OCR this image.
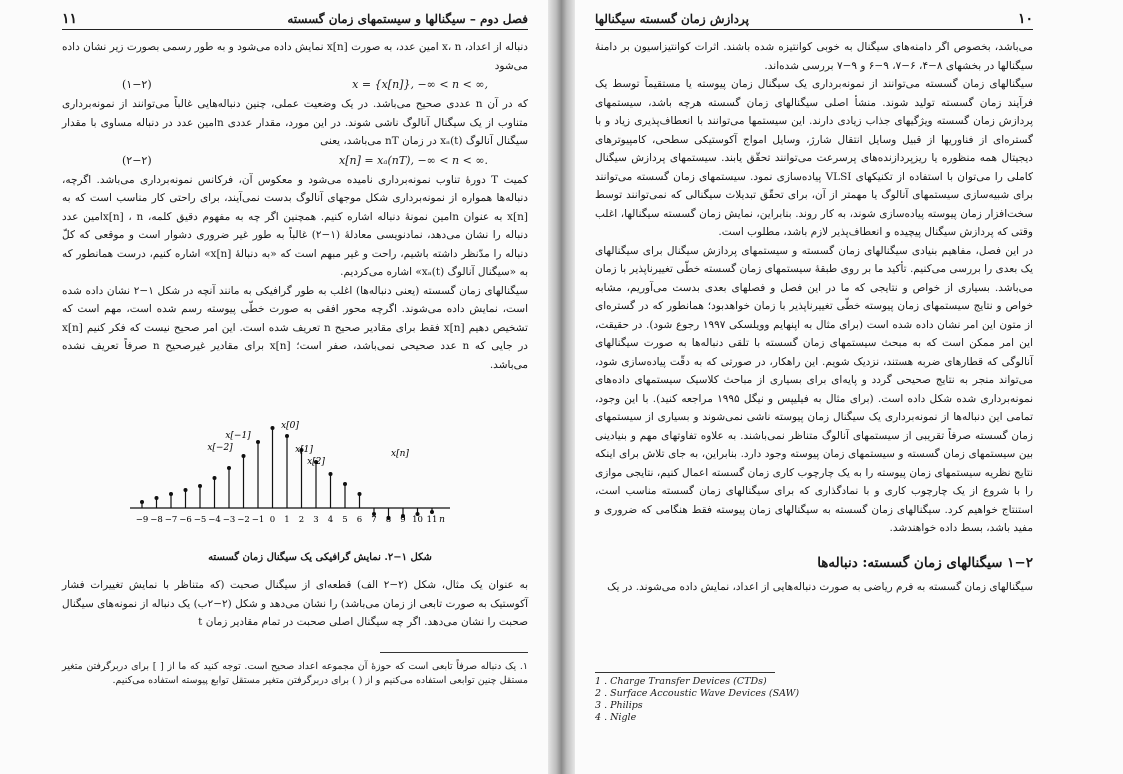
۱۱	فصل دوم – سیگنالها و سیستمهای زمان گسسته

دنباله از اعداد، x، n امین عدد، به صورت x[n] نمایش داده می‌شود و به طور رسمی بصورت زیر نشان داده می‌شود

(۱−۲)	x = {x[n]}, −∞ < n < ∞,

که در آن n عددی صحیح می‌باشد. در یک وضعیت عملی، چنین دنباله‌هایی غالباً می‌توانند از نمونه‌برداری متناوب از یک سیگنال آنالوگ ناشی شوند. در این مورد، مقدار عددی nامین عدد در دنباله مساوی با مقدار سیگنال آنالوگ xₐ(t) در زمان nT می‌باشد، یعنی

(۲−۲)	x[n] = xₐ(nT), −∞ < n < ∞.

کمیت T دورهٔ تناوب نمونه‌برداری نامیده می‌شود و معکوس آن، فرکانس نمونه‌برداری می‌باشد. اگرچه، دنباله‌ها همواره از نمونه‌برداری شکل موجهای آنالوگ بدست نمی‌آیند، برای راحتی کار مناسب است که به x[n] به عنوان nامین نمونهٔ دنباله اشاره کنیم. همچنین اگر چه به مفهوم دقیق کلمه، x[n] ، nامین عدد دنباله را نشان می‌دهد، نمادنویسی معادلهٔ (۱−۲) غالباً به طور غیر ضروری دشوار است و موقعی که کلّ دنباله را مدّنظر داشته باشیم، راحت و غیر مبهم است که «به دنبالهٔ x[n]» اشاره کنیم، درست همانطور که به «سیگنال آنالوگ xₐ(t)» اشاره می‌کردیم.

سیگنالهای زمان گسسته (یعنی دنباله‌ها) اغلب به طور گرافیکی به مانند آنچه در شکل ۱−۲ نشان داده شده است، نمایش داده می‌شوند. اگرچه محور افقی به صورت خطّی پیوسته رسم شده است، مهم است که تشخیص دهیم x[n] فقط برای مقادیر صحیح n تعریف شده است. این امر صحیح نیست که فکر کنیم x[n] در جایی که n عدد صحیحی نمی‌باشد، صفر است؛ x[n] برای مقادیر غیرصحیح n صرفاً تعریف نشده می‌باشد.

−9 −8 −7 −6 −5 −4 −3 −2 −1 0 1 2 3 4 5 6 7 8 9 10 11
x[−1]
x[0]
x[−2]	x[1]
x[2]
x[n]
n
شکل ۱−۲. نمایش گرافیکی یک سیگنال زمان گسسته

به عنوان یک مثال، شکل (۲−۲ الف) قطعه‌ای از سیگنال صحبت (که متناظر با نمایش تغییرات فشار آکوستیک به صورت تابعی از زمان می‌باشد) را نشان می‌دهد و شکل (۲−۲ب) یک دنباله از نمونه‌های سیگنال صحبت را نشان می‌دهد. اگر چه سیگنال اصلی صحبت در تمام مقادیر زمان t

۱. یک دنباله صرفاً تابعی است که حوزهٔ آن مجموعه اعداد صحیح است. توجه کنید که ما از [ ] برای دربرگرفتن متغیر مستقل چنین توابعی استفاده می‌کنیم و از ( ) برای دربرگرفتن متغیر مستقل توابع پیوسته استفاده می‌کنیم.
پردازش زمان گسسته سیگنالها	۱۰

می‌باشد، بخصوص اگر دامنه‌های سیگنال به خوبی کوانتیزه شده باشند. اثرات کوانتیزاسیون بر دامنهٔ سیگنالها در بخشهای ۸−۴، ۶−۷، ۹−۶ و ۹−۷ بررسی شده‌اند.

سیگنالهای زمان گسسته می‌توانند از نمونه‌برداری یک سیگنال زمان پیوسته یا مستقیماً توسط یک فرآیند زمان گسسته تولید شوند. منشأ اصلی سیگنالهای زمان گسسته هرچه باشد، سیستمهای پردازش زمان گسسته ویژگیهای جذاب زیادی دارند. این سیستمها می‌توانند با انعطاف‌پذیری زیاد و با گستره‌ای از فناوریها از قبیل وسایل انتقال شارژ، وسایل امواج آکوستیکی سطحی، کامپیوترهای دیجیتال همه منظوره یا ریزپردازنده‌های پرسرعت می‌توانند تحقّق یابند. سیستمهای پردازش سیگنال کاملی را می‌توان با استفاده از تکنیکهای VLSI پیاده‌سازی نمود. سیستمهای زمان گسسته می‌توانند برای شبیه‌سازی سیستمهای آنالوگ یا مهمتر از آن، برای تحقّق تبدیلات سیگنالی که نمی‌توانند توسط سخت‌افزار زمان پیوسته پیاده‌سازی شوند، به کار روند. بنابراین، نمایش زمان گسسته سیگنالها، اغلب وقتی که پردازش سیگنال پیچیده و انعطاف‌پذیر لازم باشد، مطلوب است.

در این فصل، مفاهیم بنیادی سیگنالهای زمان گسسته و سیستمهای پردازش سیگنال برای سیگنالهای یک بعدی را بررسی می‌کنیم. تأکید ما بر روی طبقهٔ سیستمهای زمان گسسته خطّی تغییرناپذیر با زمان می‌باشد. بسیاری از خواص و نتایجی که ما در این فصل و فصلهای بعدی بدست می‌آوریم، مشابه خواص و نتایج سیستمهای زمان پیوسته خطّی تغییرناپذیر با زمان خواهدبود؛ همانطور که در گستره‌ای از متون این امر نشان داده شده است (برای مثال به اپنهایم وویلسکی ۱۹۹۷ رجوع شود). در حقیقت، این امر ممکن است که به مبحث سیستمهای زمان گسسته با تلقی دنباله‌ها به صورت سیگنالهای آنالوگی که قطارهای ضربه هستند، نزدیک شویم. این راهکار، در صورتی که به دقّت پیاده‌سازی شود، می‌تواند منجر به نتایج صحیحی گردد و پایه‌ای برای بسیاری از مباحث کلاسیک سیستمهای داده‌های نمونه‌برداری شده شکل داده است. (برای مثال به فیلیپس و نیگل ۱۹۹۵ مراجعه کنید). با این وجود، تمامی این دنباله‌ها از نمونه‌برداری یک سیگنال زمان پیوسته ناشی نمی‌شوند و بسیاری از سیستمهای زمان گسسته صرفاً تقریبی از سیستمهای آنالوگ متناظر نمی‌باشند. به علاوه تفاوتهای مهم و بنیادینی بین سیستمهای زمان گسسته و سیستمهای زمان پیوسته وجود دارد. بنابراین، به جای تلاش برای اینکه نتایج نظریه سیستمهای زمان پیوسته را به یک چارچوب کاری زمان گسسته اعمال کنیم، نتایجی موازی را با شروع از یک چارچوب کاری و با نمادگذاری که برای سیگنالهای زمان گسسته مناسب است، استنتاج خواهیم کرد. سیگنالهای زمان گسسته به سیگنالهای زمان پیوسته فقط هنگامی که ضروری و مفید باشد، بسط داده خواهندشد.

۱−۲ سیگنالهای زمان گسسته: دنباله‌ها

سیگنالهای زمان گسسته به فرم ریاضی به صورت دنباله‌هایی از اعداد، نمایش داده می‌شوند. در یک

1 . Charge Transfer Devices (CTDs)
2 . Surface Accoustic Wave Devices (SAW)
3 . Philips
4 . Nigle
